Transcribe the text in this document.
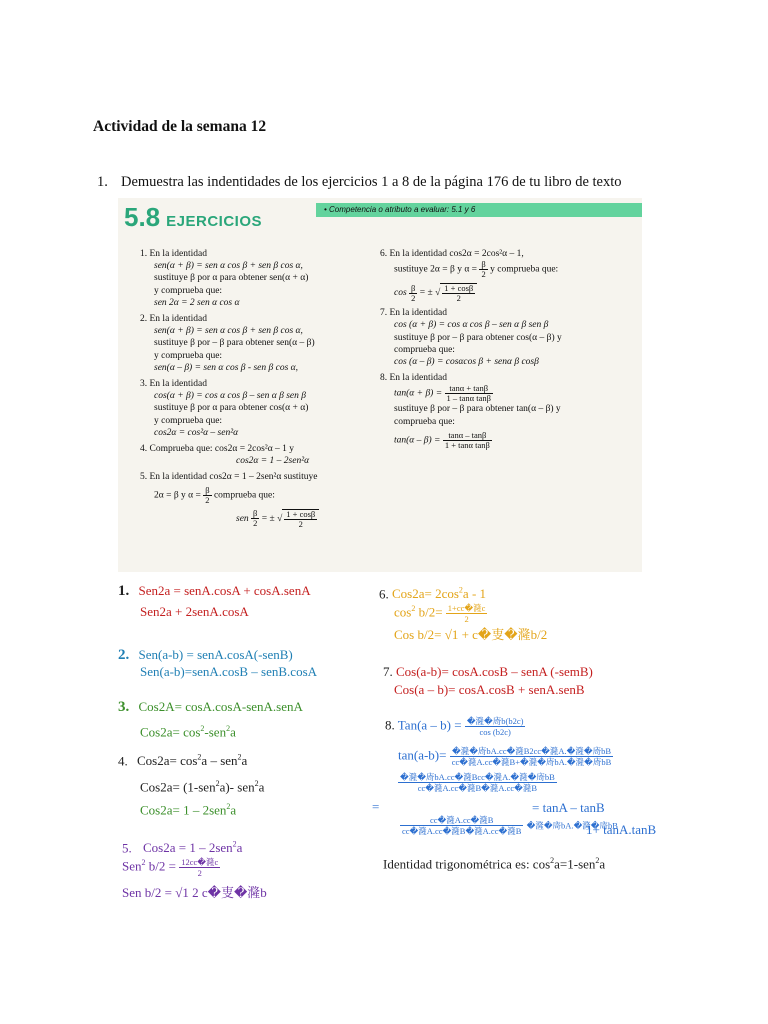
Actividad de la semana 12
1. Demuestra las indentidades de los ejercicios 1 a 8 de la página 176 de tu libro de texto
5.8 EJERCICIOS
• Competencia o atributo a evaluar: 5.1 y 6
1. En la identidad
sen(α + β) = sen α cos β + sen β cos α,
sustituye β por α para obtener sen(α + α)
y comprueba que:
sen 2α = 2 sen α cos α
2. En la identidad
sen(α + β) = sen α cos β + sen β cos α,
sustituye β por – β para obtener sen(α – β)
y comprueba que:
sen(α – β) = sen α cos β - sen β cos α,
3. En la identidad
cos(α + β) = cos α cos β – sen α β sen β
sustituye β por α para obtener cos(α + α)
y comprueba que:
cos2α = cos²α – sen²α
4. Comprueba que: cos2α = 2cos²α – 1 y
cos2α = 1 – 2sen²α
5. En la identidad cos2α = 1 – 2sen²α sustituye
2α = β y $\alpha = \frac{\beta}{2}$ comprueba que:
sen $\frac{\beta}{2}$ = ± √ $\frac{1 + \cos\beta}{2}$
6. En la identidad cos2α = 2cos²α – 1,
sustituye 2α = β y $\alpha = \frac{\beta}{2}$ y comprueba que:
$\cos \frac{\beta}{2}$ = ± √ $\frac{1 + \cos\beta}{2}$
7. En la identidad
cos (α + β) = cos α cos β – sen α β sen β
sustituye β por – β para obtener cos(α – β) y
comprueba que:
cos (α – β) = cosαcos β + senα β cosβ
8. En la identidad
$\tan(\alpha + \beta) = \frac{\tan\alpha + \tan\beta}{\text{1 – tanα tanβ}}$
sustituye β por – β para obtener tan(α – β) y
comprueba que:
$\tan(\alpha - \beta) = \frac{\tan\alpha - \tan\beta}{\text{1 + tanα tanβ}}$
1. Sen2a = senA.cosA + cosA.senA
Sen2a + 2senA.cosA
2. Sen(a-b) = senA.cosA(-senB)
Sen(a-b)=senA.cosB – senB.cosA
3. Cos2A= cosA.cosA-senA.senA
$Cos2a= \cos^2-sen^2a$
4. $Cos2a= \cos^2a - sen^2a$
Cos2a= (1-sen$^2$a)- sen$^2$a
Cos2a= 1 – 2sen$^2$a
5. Cos2a = 1 – 2sen$^2$a
Sen$^2$ b/2 = 12cc�漋c
2
Sen b/2 = √1 2 c�叓�漋b
6. $Cos2a= 2\cos^2a - 1$
$\cos^2 b/2=$ 1+cc�漋c
2
Cos b/2= √1 + c�叓�漋b/2
7. Cos(a-b)= cosA.cosB – senA (-semB)
Cos(a – b)= cosA.cosB + senA.senB
8. Tan(a – b) = �漋�㢊b(b2c)
cos (b2c)
tan(a-b)= �漋�㢊bA.cc�漋B2cc�漋A.�漋�㢊bB
cc�漋A.cc�漋B+�漋�㢊bA.�漋�㢊bB
�漋�㢊bA.cc�漋Bcc�漋A.�漋�㢊bB
cc�漋A.cc�漋B�漋A.cc�漋B
=	= tanA – tanB
cc�漋A.cc�漋B
cc�漋A.cc�漋B�漋A.cc�漋B
�漋�㢊bA.�漋�㢊bB
1+ tanA.tanB
Identidad trigonométrica es: $\cos^2a=1-sen^2a$
